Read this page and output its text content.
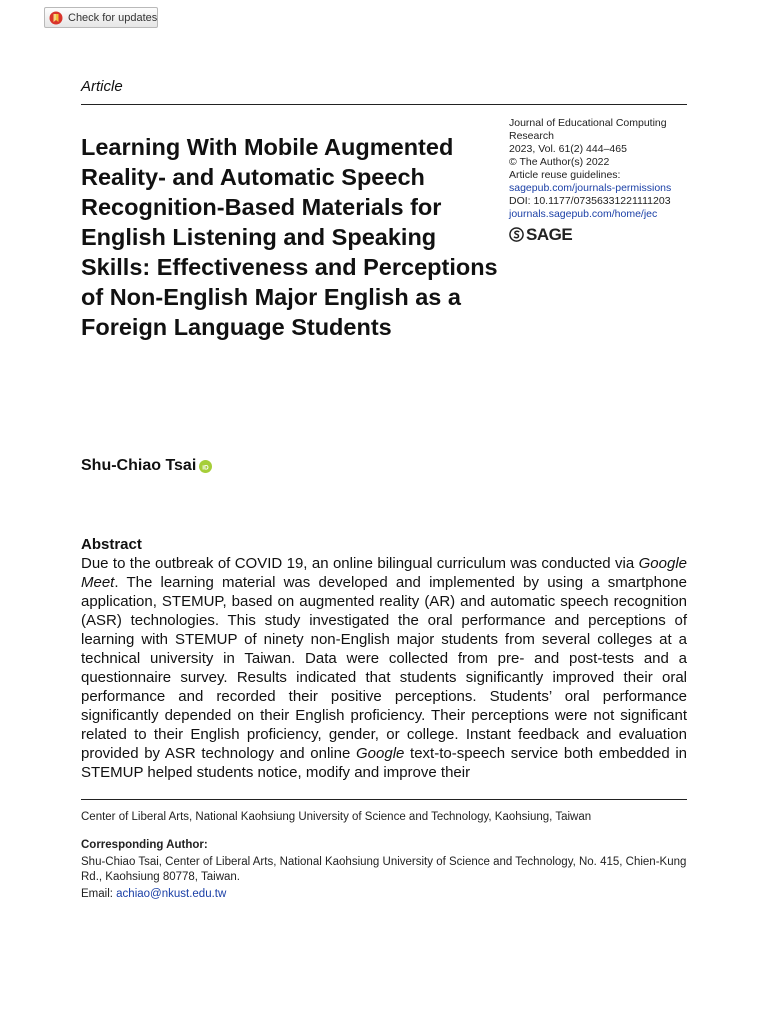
Check for updates
Article
Learning With Mobile Augmented Reality- and Automatic Speech Recognition-Based Materials for English Listening and Speaking Skills: Effectiveness and Perceptions of Non-English Major English as a Foreign Language Students
Journal of Educational Computing
Research
2023, Vol. 61(2) 444–465
© The Author(s) 2022
Article reuse guidelines:
sagepub.com/journals-permissions
DOI: 10.1177/07356331221111203
journals.sagepub.com/home/jec
SAGE
Shu-Chiao Tsai iD
Abstract

Due to the outbreak of COVID 19, an online bilingual curriculum was conducted via Google Meet. The learning material was developed and implemented by using a smartphone application, STEMUP, based on augmented reality (AR) and automatic speech recognition (ASR) technologies. This study investigated the oral performance and perceptions of learning with STEMUP of ninety non-English major students from several colleges at a technical university in Taiwan. Data were collected from pre- and post-tests and a questionnaire survey. Results indicated that students significantly improved their oral performance and recorded their positive perceptions. Students’ oral performance significantly depended on their English proficiency. Their perceptions were not significant related to their English proficiency, gender, or college. Instant feedback and evaluation provided by ASR technology and online Google text-to-speech service both embedded in STEMUP helped students notice, modify and improve their

Center of Liberal Arts, National Kaohsiung University of Science and Technology, Kaohsiung, Taiwan

Corresponding Author:

Shu-Chiao Tsai, Center of Liberal Arts, National Kaohsiung University of Science and Technology, No. 415, Chien-Kung Rd., Kaohsiung 80778, Taiwan.

Email: achiao@nkust.edu.tw
